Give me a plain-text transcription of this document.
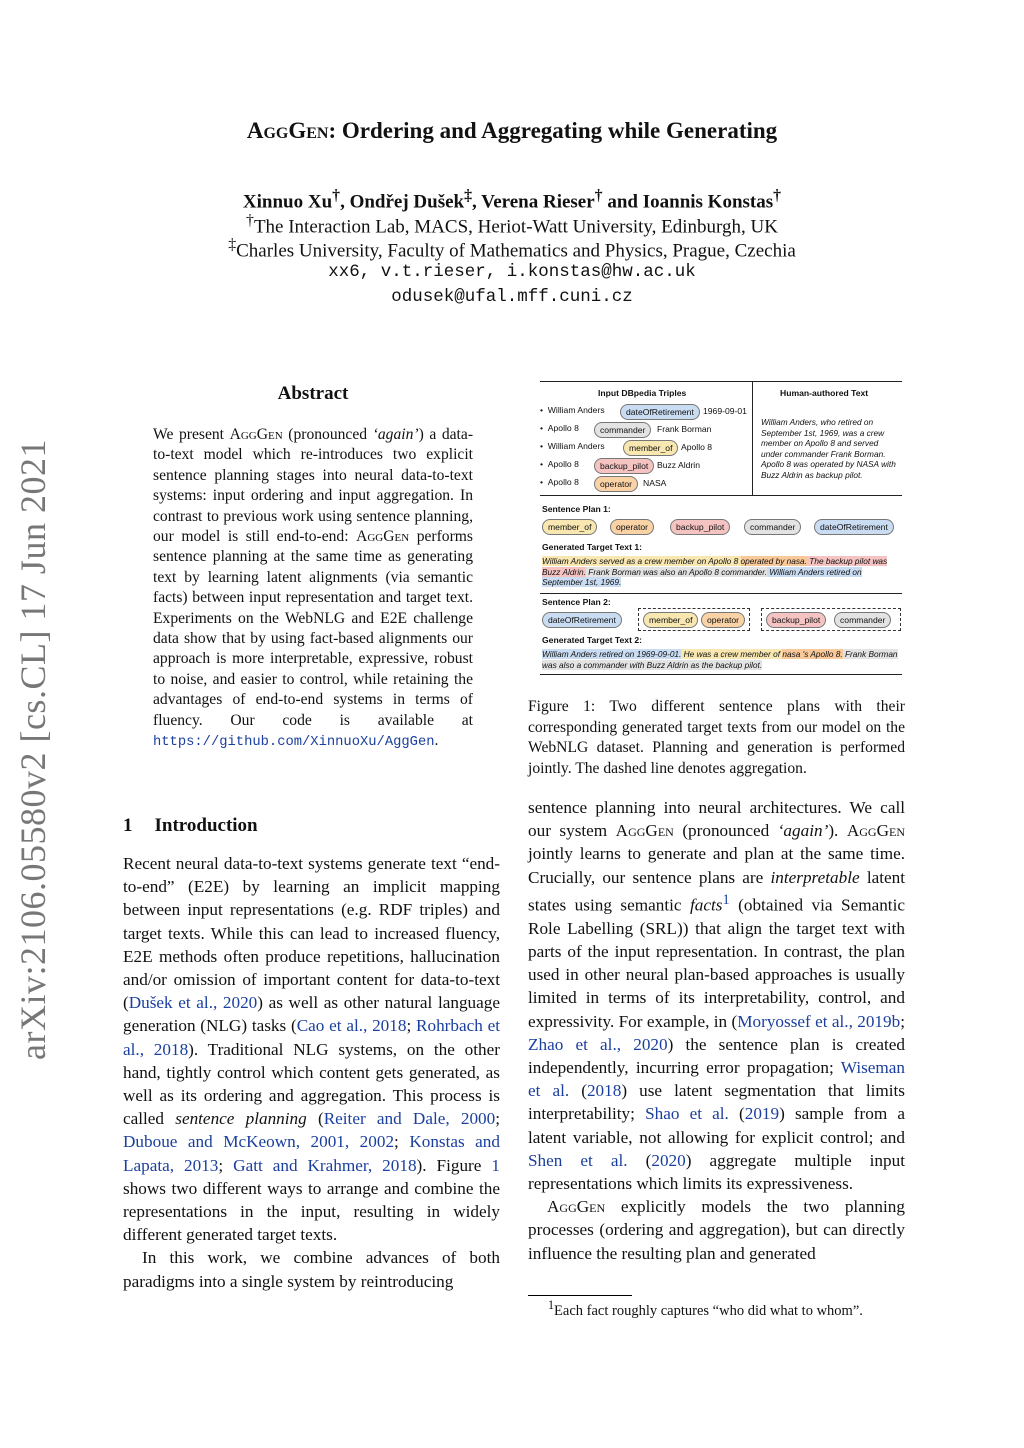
AggGen: Ordering and Aggregating while Generating
Xinnuo Xu†, Ondřej Dušek‡, Verena Rieser† and Ioannis Konstas†
†The Interaction Lab, MACS, Heriot-Watt University, Edinburgh, UK
‡Charles University, Faculty of Mathematics and Physics, Prague, Czechia
xx6, v.t.rieser, i.konstas@hw.ac.uk
odusek@ufal.mff.cuni.cz
arXiv:2106.05580v2 [cs.CL] 17 Jun 2021
Abstract
We present AggGen (pronounced ‘again’) a data-to-text model which re-introduces two explicit sentence planning stages into neural data-to-text systems: input ordering and input aggregation. In contrast to previous work using sentence planning, our model is still end-to-end: AggGen performs sentence planning at the same time as generating text by learning latent alignments (via semantic facts) between input representation and target text. Experiments on the WebNLG and E2E challenge data show that by using fact-based alignments our approach is more interpretable, expressive, robust to noise, and easier to control, while retaining the advantages of end-to-end systems in terms of fluency. Our code is available at https://github.com/XinnuoXu/AggGen.
1 Introduction

Recent neural data-to-text systems generate text “end-to-end” (E2E) by learning an implicit mapping between input representations (e.g. RDF triples) and target texts. While this can lead to increased fluency, E2E methods often produce repetitions, hallucination and/or omission of important content for data-to-text (Dušek et al., 2020) as well as other natural language generation (NLG) tasks (Cao et al., 2018; Rohrbach et al., 2018). Traditional NLG systems, on the other hand, tightly control which content gets generated, as well as its ordering and aggregation. This process is called sentence planning (Reiter and Dale, 2000; Duboue and McKeown, 2001, 2002; Konstas and Lapata, 2013; Gatt and Krahmer, 2018). Figure 1 shows two different ways to arrange and combine the representations in the input, resulting in widely different generated target texts.

In this work, we combine advances of both paradigms into a single system by reintroducing

Input DBpedia Triples	Human-authored Text
•  William Anders	dateOfRetirement	1969-09-01
•  Apollo 8	commander	Frank Borman
•  William Anders	member_of Apollo 8
•  Apollo 8	backup_pilot	Buzz Aldrin
•  Apollo 8	operator	NASA
William Anders, who retired on September 1st, 1969, was a crew member on Apollo 8 and served under commander Frank Borman. Apollo 8 was operated by NASA with Buzz Aldrin as backup pilot.
Sentence Plan 1:
member_of	operator	backup_pilot	commander	dateOfRetirement
Generated Target Text 1:
William Anders served as a crew member on Apollo 8 operated by nasa. The backup pilot was Buzz Aldrin. Frank Borman was also an Apollo 8 commander. William Anders retired on September 1st, 1969.
Sentence Plan 2:
dateOfRetirement	member_of	operator	backup_pilot	commander
Generated Target Text 2:
William Anders retired on 1969-09-01. He was a crew member of nasa 's Apollo 8. Frank Borman was also a commander with Buzz Aldrin as the backup pilot.
Figure 1: Two different sentence plans with their corresponding generated target texts from our model on the WebNLG dataset. Planning and generation is performed jointly. The dashed line denotes aggregation.

sentence planning into neural architectures. We call our system AggGen (pronounced ‘again’). AggGen jointly learns to generate and plan at the same time. Crucially, our sentence plans are interpretable latent states using semantic facts$^1$ (obtained via Semantic Role Labelling (SRL)) that align the target text with parts of the input representation. In contrast, the plan used in other neural plan-based approaches is usually limited in terms of its interpretability, control, and expressivity. For example, in (Moryossef et al., 2019b; Zhao et al., 2020) the sentence plan is created independently, incurring error propagation; Wiseman et al. (2018) use latent segmentation that limits interpretability; Shao et al. (2019) sample from a latent variable, not allowing for explicit control; and Shen et al. (2020) aggregate multiple input representations which limits its expressiveness.

AggGen explicitly models the two planning processes (ordering and aggregation), but can directly influence the resulting plan and generated

$^1$Each fact roughly captures “who did what to whom”.
